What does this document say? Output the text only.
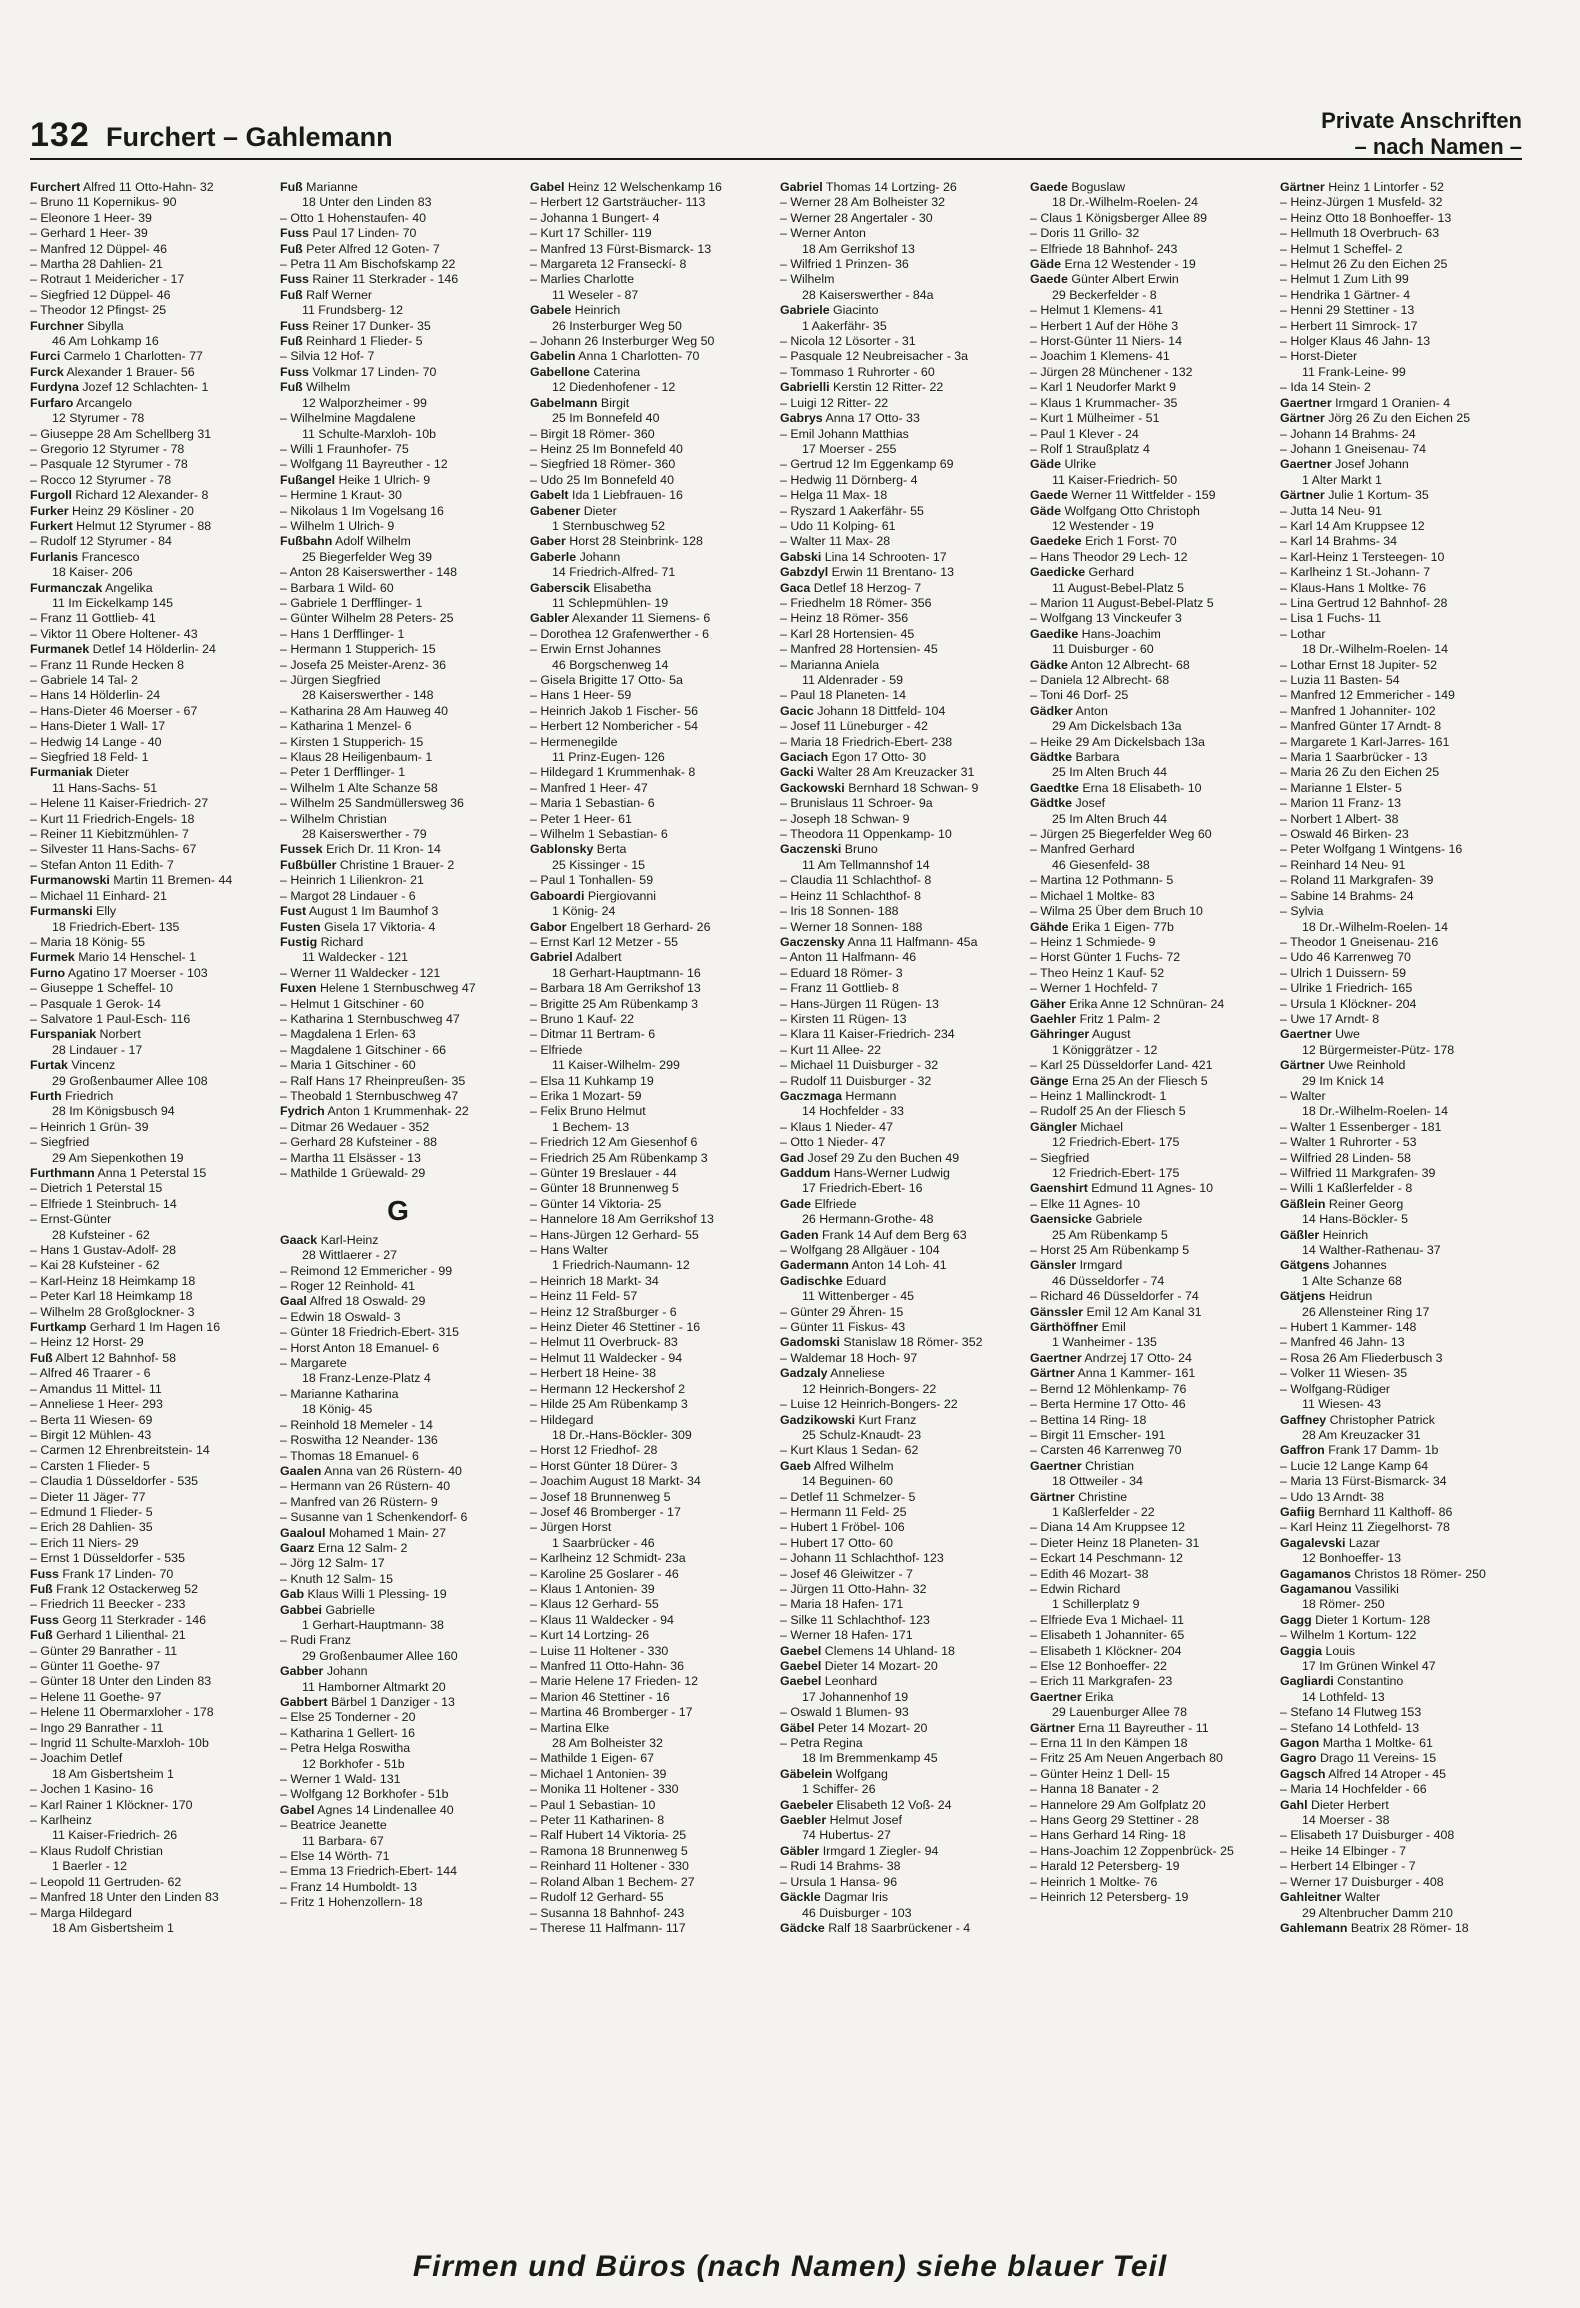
132 Furchert – Gahlemann
Private Anschriften
– nach Namen –
Furchert Alfred 11 Otto-Hahn- 32
– Bruno 11 Kopernikus- 90
– Eleonore 1 Heer- 39
– Gerhard 1 Heer- 39
– Manfred 12 Düppel- 46
– Martha 28 Dahlien- 21
– Rotraut 1 Meidericher - 17
– Siegfried 12 Düppel- 46
– Theodor 12 Pfingst- 25
Furchner Sibylla
46 Am Lohkamp 16
Furci Carmelo 1 Charlotten- 77
Furck Alexander 1 Brauer- 56
Furdyna Jozef 12 Schlachten- 1
Furfaro Arcangelo
12 Styrumer - 78
– Giuseppe 28 Am Schellberg 31
– Gregorio 12 Styrumer - 78
– Pasquale 12 Styrumer - 78
– Rocco 12 Styrumer - 78
Furgoll Richard 12 Alexander- 8
Furker Heinz 29 Kösliner - 20
Furkert Helmut 12 Styrumer - 88
– Rudolf 12 Styrumer - 84
Furlanis Francesco
18 Kaiser- 206
Furmanczak Angelika
11 Im Eickelkamp 145
– Franz 11 Gottlieb- 41
– Viktor 11 Obere Holtener- 43
Furmanek Detlef 14 Hölderlin- 24
– Franz 11 Runde Hecken 8
– Gabriele 14 Tal- 2
– Hans 14 Hölderlin- 24
– Hans-Dieter 46 Moerser - 67
– Hans-Dieter 1 Wall- 17
– Hedwig 14 Lange - 40
– Siegfried 18 Feld- 1
Furmaniak Dieter
11 Hans-Sachs- 51
– Helene 11 Kaiser-Friedrich- 27
– Kurt 11 Friedrich-Engels- 18
– Reiner 11 Kiebitzmühlen- 7
– Silvester 11 Hans-Sachs- 67
– Stefan Anton 11 Edith- 7
Furmanowski Martin 11 Bremen- 44
– Michael 11 Einhard- 21
Furmanski Elly
18 Friedrich-Ebert- 135
– Maria 18 König- 55
Furmek Mario 14 Henschel- 1
Furno Agatino 17 Moerser - 103
– Giuseppe 1 Scheffel- 10
– Pasquale 1 Gerok- 14
– Salvatore 1 Paul-Esch- 116
Furspaniak Norbert
28 Lindauer - 17
Furtak Vincenz
29 Großenbaumer Allee 108
Furth Friedrich
28 Im Königsbusch 94
– Heinrich 1 Grün- 39
– Siegfried
29 Am Siepenkothen 19
Furthmann Anna 1 Peterstal 15
– Dietrich 1 Peterstal 15
– Elfriede 1 Steinbruch- 14
– Ernst-Günter
28 Kufsteiner - 62
– Hans 1 Gustav-Adolf- 28
– Kai 28 Kufsteiner - 62
– Karl-Heinz 18 Heimkamp 18
– Peter Karl 18 Heimkamp 18
– Wilhelm 28 Großglockner- 3
Furtkamp Gerhard 1 Im Hagen 16
– Heinz 12 Horst- 29
Fuß Albert 12 Bahnhof- 58
– Alfred 46 Traarer - 6
– Amandus 11 Mittel- 11
– Anneliese 1 Heer- 293
– Berta 11 Wiesen- 69
– Birgit 12 Mühlen- 43
– Carmen 12 Ehrenbreitstein- 14
– Carsten 1 Flieder- 5
– Claudia 1 Düsseldorfer - 535
– Dieter 11 Jäger- 77
– Edmund 1 Flieder- 5
– Erich 28 Dahlien- 35
– Erich 11 Niers- 29
– Ernst 1 Düsseldorfer - 535
Fuss Frank 17 Linden- 70
Fuß Frank 12 Ostackerweg 52
– Friedrich 11 Beecker - 233
Fuss Georg 11 Sterkrader - 146
Fuß Gerhard 1 Lilienthal- 21
– Günter 29 Banrather - 11
– Günter 11 Goethe- 97
– Günter 18 Unter den Linden 83
– Helene 11 Goethe- 97
– Helene 11 Obermarxloher - 178
– Ingo 29 Banrather - 11
– Ingrid 11 Schulte-Marxloh- 10b
– Joachim Detlef
18 Am Gisbertsheim 1
– Jochen 1 Kasino- 16
– Karl Rainer 1 Klöckner- 170
– Karlheinz
11 Kaiser-Friedrich- 26
– Klaus Rudolf Christian
1 Baerler - 12
– Leopold 11 Gertruden- 62
– Manfred 18 Unter den Linden 83
– Marga Hildegard
18 Am Gisbertsheim 1
Fuß Marianne
18 Unter den Linden 83
– Otto 1 Hohenstaufen- 40
Fuss Paul 17 Linden- 70
Fuß Peter Alfred 12 Goten- 7
– Petra 11 Am Bischofskamp 22
Fuss Rainer 11 Sterkrader - 146
Fuß Ralf Werner
11 Frundsberg- 12
Fuss Reiner 17 Dunker- 35
Fuß Reinhard 1 Flieder- 5
– Silvia 12 Hof- 7
Fuss Volkmar 17 Linden- 70
Fuß Wilhelm
12 Walporzheimer - 99
– Wilhelmine Magdalene
11 Schulte-Marxloh- 10b
– Willi 1 Fraunhofer- 75
– Wolfgang 11 Bayreuther - 12
Fußangel Heike 1 Ulrich- 9
– Hermine 1 Kraut- 30
– Nikolaus 1 Im Vogelsang 16
– Wilhelm 1 Ulrich- 9
Fußbahn Adolf Wilhelm
25 Biegerfelder Weg 39
– Anton 28 Kaiserswerther - 148
– Barbara 1 Wild- 60
– Gabriele 1 Derfflinger- 1
– Günter Wilhelm 28 Peters- 25
– Hans 1 Derfflinger- 1
– Hermann 1 Stupperich- 15
– Josefa 25 Meister-Arenz- 36
– Jürgen Siegfried
28 Kaiserswerther - 148
– Katharina 28 Am Hauweg 40
– Katharina 1 Menzel- 6
– Kirsten 1 Stupperich- 15
– Klaus 28 Heiligenbaum- 1
– Peter 1 Derfflinger- 1
– Wilhelm 1 Alte Schanze 58
– Wilhelm 25 Sandmüllersweg 36
– Wilhelm Christian
28 Kaiserswerther - 79
Fussek Erich Dr. 11 Kron- 14
Fußbüller Christine 1 Brauer- 2
– Heinrich 1 Lilienkron- 21
– Margot 28 Lindauer - 6
Fust August 1 Im Baumhof 3
Fusten Gisela 17 Viktoria- 4
Fustig Richard
11 Waldecker - 121
– Werner 11 Waldecker - 121
Fuxen Helene 1 Sternbuschweg 47
– Helmut 1 Gitschiner - 60
– Katharina 1 Sternbuschweg 47
– Magdalena 1 Erlen- 63
– Magdalene 1 Gitschiner - 66
– Maria 1 Gitschiner - 60
– Ralf Hans 17 Rheinpreußen- 35
– Theobald 1 Sternbuschweg 47
Fydrich Anton 1 Krummenhak- 22
– Ditmar 26 Wedauer - 352
– Gerhard 28 Kufsteiner - 88
– Martha 11 Elsässer - 13
– Mathilde 1 Grüewald- 29
G
Gaack Karl-Heinz
28 Wittlaerer - 27
– Reimond 12 Emmericher - 99
– Roger 12 Reinhold- 41
Gaal Alfred 18 Oswald- 29
– Edwin 18 Oswald- 3
– Günter 18 Friedrich-Ebert- 315
– Horst Anton 18 Emanuel- 6
– Margarete
18 Franz-Lenze-Platz 4
– Marianne Katharina
18 König- 45
– Reinhold 18 Memeler - 14
– Roswitha 12 Neander- 136
– Thomas 18 Emanuel- 6
Gaalen Anna van 26 Rüstern- 40
– Hermann van 26 Rüstern- 40
– Manfred van 26 Rüstern- 9
– Susanne van 1 Schenkendorf- 6
Gaaloul Mohamed 1 Main- 27
Gaarz Erna 12 Salm- 2
– Jörg 12 Salm- 17
– Knuth 12 Salm- 15
Gab Klaus Willi 1 Plessing- 19
Gabbei Gabrielle
1 Gerhart-Hauptmann- 38
– Rudi Franz
29 Großenbaumer Allee 160
Gabber Johann
11 Hamborner Altmarkt 20
Gabbert Bärbel 1 Danziger - 13
– Else 25 Tonderner - 20
– Katharina 1 Gellert- 16
– Petra Helga Roswitha
12 Borkhofer - 51b
– Werner 1 Wald- 131
– Wolfgang 12 Borkhofer - 51b
Gabel Agnes 14 Lindenallee 40
– Beatrice Jeanette
11 Barbara- 67
– Else 14 Wörth- 71
– Emma 13 Friedrich-Ebert- 144
– Franz 14 Humboldt- 13
– Fritz 1 Hohenzollern- 18
Gabel Heinz 12 Welschenkamp 16
– Herbert 12 Gartsträucher- 113
– Johanna 1 Bungert- 4
– Kurt 17 Schiller- 119
– Manfred 13 Fürst-Bismarck- 13
– Margareta 12 Franseckí- 8
– Marlies Charlotte
11 Weseler - 87
Gabele Heinrich
26 Insterburger Weg 50
– Johann 26 Insterburger Weg 50
Gabelin Anna 1 Charlotten- 70
Gabellone Caterina
12 Diedenhofener - 12
Gabelmann Birgit
25 Im Bonnefeld 40
– Birgit 18 Römer- 360
– Heinz 25 Im Bonnefeld 40
– Siegfried 18 Römer- 360
– Udo 25 Im Bonnefeld 40
Gabelt Ida 1 Liebfrauen- 16
Gabener Dieter
1 Sternbuschweg 52
Gaber Horst 28 Steinbrink- 128
Gaberle Johann
14 Friedrich-Alfred- 71
Gaberscik Elisabetha
11 Schlepmühlen- 19
Gabler Alexander 11 Siemens- 6
– Dorothea 12 Grafenwerther - 6
– Erwin Ernst Johannes
46 Borgschenweg 14
– Gisela Brigitte 17 Otto- 5a
– Hans 1 Heer- 59
– Heinrich Jakob 1 Fischer- 56
– Herbert 12 Nombericher - 54
– Hermenegilde
11 Prinz-Eugen- 126
– Hildegard 1 Krummenhak- 8
– Manfred 1 Heer- 47
– Maria 1 Sebastian- 6
– Peter 1 Heer- 61
– Wilhelm 1 Sebastian- 6
Gablonsky Berta
25 Kissinger - 15
– Paul 1 Tonhallen- 59
Gaboardi Piergiovanni
1 König- 24
Gabor Engelbert 18 Gerhard- 26
– Ernst Karl 12 Metzer - 55
Gabriel Adalbert
18 Gerhart-Hauptmann- 16
– Barbara 18 Am Gerrikshof 13
– Brigitte 25 Am Rübenkamp 3
– Bruno 1 Kauf- 22
– Ditmar 11 Bertram- 6
– Elfriede
11 Kaiser-Wilhelm- 299
– Elsa 11 Kuhkamp 19
– Erika 1 Mozart- 59
– Felix Bruno Helmut
1 Bechem- 13
– Friedrich 12 Am Giesenhof 6
– Friedrich 25 Am Rübenkamp 3
– Günter 19 Breslauer - 44
– Günter 18 Brunnenweg 5
– Günter 14 Viktoria- 25
– Hannelore 18 Am Gerrikshof 13
– Hans-Jürgen 12 Gerhard- 55
– Hans Walter
1 Friedrich-Naumann- 12
– Heinrich 18 Markt- 34
– Heinz 11 Feld- 57
– Heinz 12 Straßburger - 6
– Heinz Dieter 46 Stettiner - 16
– Helmut 11 Overbruck- 83
– Helmut 11 Waldecker - 94
– Herbert 18 Heine- 38
– Hermann 12 Heckershof 2
– Hilde 25 Am Rübenkamp 3
– Hildegard
18 Dr.-Hans-Böckler- 309
– Horst 12 Friedhof- 28
– Horst Günter 18 Dürer- 3
– Joachim August 18 Markt- 34
– Josef 18 Brunnenweg 5
– Josef 46 Bromberger - 17
– Jürgen Horst
1 Saarbrücker - 46
– Karlheinz 12 Schmidt- 23a
– Karoline 25 Goslarer - 46
– Klaus 1 Antonien- 39
– Klaus 12 Gerhard- 55
– Klaus 11 Waldecker - 94
– Kurt 14 Lortzing- 26
– Luise 11 Holtener - 330
– Manfred 11 Otto-Hahn- 36
– Marie Helene 17 Frieden- 12
– Marion 46 Stettiner - 16
– Martina 46 Bromberger - 17
– Martina Elke
28 Am Bolheister 32
– Mathilde 1 Eigen- 67
– Michael 1 Antonien- 39
– Monika 11 Holtener - 330
– Paul 1 Sebastian- 10
– Peter 11 Katharinen- 8
– Ralf Hubert 14 Viktoria- 25
– Ramona 18 Brunnenweg 5
– Reinhard 11 Holtener - 330
– Roland Alban 1 Bechem- 27
– Rudolf 12 Gerhard- 55
– Susanna 18 Bahnhof- 243
– Therese 11 Halfmann- 117
Gabriel Thomas 14 Lortzing- 26
– Werner 28 Am Bolheister 32
– Werner 28 Angertaler - 30
– Werner Anton
18 Am Gerrikshof 13
– Wilfried 1 Prinzen- 36
– Wilhelm
28 Kaiserswerther - 84a
Gabriele Giacinto
1 Aakerfähr- 35
– Nicola 12 Lösorter - 31
– Pasquale 12 Neubreisacher - 3a
– Tommaso 1 Ruhrorter - 60
Gabrielli Kerstin 12 Ritter- 22
– Luigi 12 Ritter- 22
Gabrys Anna 17 Otto- 33
– Emil Johann Matthias
17 Moerser - 255
– Gertrud 12 Im Eggenkamp 69
– Hedwig 11 Dörnberg- 4
– Helga 11 Max- 18
– Ryszard 1 Aakerfähr- 55
– Udo 11 Kolping- 61
– Walter 11 Max- 28
Gabski Lina 14 Schrooten- 17
Gabzdyl Erwin 11 Brentano- 13
Gaca Detlef 18 Herzog- 7
– Friedhelm 18 Römer- 356
– Heinz 18 Römer- 356
– Karl 28 Hortensien- 45
– Manfred 28 Hortensien- 45
– Marianna Aniela
11 Aldenrader - 59
– Paul 18 Planeten- 14
Gacic Johann 18 Dittfeld- 104
– Josef 11 Lüneburger - 42
– Maria 18 Friedrich-Ebert- 238
Gaciach Egon 17 Otto- 30
Gacki Walter 28 Am Kreuzacker 31
Gackowski Bernhard 18 Schwan- 9
– Brunislaus 11 Schroer- 9a
– Joseph 18 Schwan- 9
– Theodora 11 Oppenkamp- 10
Gaczenski Bruno
11 Am Tellmannshof 14
– Claudia 11 Schlachthof- 8
– Heinz 11 Schlachthof- 8
– Iris 18 Sonnen- 188
– Werner 18 Sonnen- 188
Gaczensky Anna 11 Halfmann- 45a
– Anton 11 Halfmann- 46
– Eduard 18 Römer- 3
– Franz 11 Gottlieb- 8
– Hans-Jürgen 11 Rügen- 13
– Kirsten 11 Rügen- 13
– Klara 11 Kaiser-Friedrich- 234
– Kurt 11 Allee- 22
– Michael 11 Duisburger - 32
– Rudolf 11 Duisburger - 32
Gaczmaga Hermann
14 Hochfelder - 33
– Klaus 1 Nieder- 47
– Otto 1 Nieder- 47
Gad Josef 29 Zu den Buchen 49
Gaddum Hans-Werner Ludwig
17 Friedrich-Ebert- 16
Gade Elfriede
26 Hermann-Grothe- 48
Gaden Frank 14 Auf dem Berg 63
– Wolfgang 28 Allgäuer - 104
Gadermann Anton 14 Loh- 41
Gadischke Eduard
11 Wittenberger - 45
– Günter 29 Ähren- 15
– Günter 11 Fiskus- 43
Gadomski Stanislaw 18 Römer- 352
– Waldemar 18 Hoch- 97
Gadzaly Anneliese
12 Heinrich-Bongers- 22
– Luise 12 Heinrich-Bongers- 22
Gadzikowski Kurt Franz
25 Schulz-Knaudt- 23
– Kurt Klaus 1 Sedan- 62
Gaeb Alfred Wilhelm
14 Beguinen- 60
– Detlef 11 Schmelzer- 5
– Hermann 11 Feld- 25
– Hubert 1 Fröbel- 106
– Hubert 17 Otto- 60
– Johann 11 Schlachthof- 123
– Josef 46 Gleiwitzer - 7
– Jürgen 11 Otto-Hahn- 32
– Maria 18 Hafen- 171
– Silke 11 Schlachthof- 123
– Werner 18 Hafen- 171
Gaebel Clemens 14 Uhland- 18
Gaebel Dieter 14 Mozart- 20
Gaebel Leonhard
17 Johannenhof 19
– Oswald 1 Blumen- 93
Gäbel Peter 14 Mozart- 20
– Petra Regina
18 Im Bremmenkamp 45
Gäbelein Wolfgang
1 Schiffer- 26
Gaebeler Elisabeth 12 Voß- 24
Gaebler Helmut Josef
74 Hubertus- 27
Gäbler Irmgard 1 Ziegler- 94
– Rudi 14 Brahms- 38
– Ursula 1 Hansa- 96
Gäckle Dagmar Iris
46 Duisburger - 103
Gädcke Ralf 18 Saarbrückener - 4
Gaede Boguslaw
18 Dr.-Wilhelm-Roelen- 24
– Claus 1 Königsberger Allee 89
– Doris 11 Grillo- 32
– Elfriede 18 Bahnhof- 243
Gäde Erna 12 Westender - 19
Gaede Günter Albert Erwin
29 Beckerfelder - 8
– Helmut 1 Klemens- 41
– Herbert 1 Auf der Höhe 3
– Horst-Günter 11 Niers- 14
– Joachim 1 Klemens- 41
– Jürgen 28 Münchener - 132
– Karl 1 Neudorfer Markt 9
– Klaus 1 Krummacher- 35
– Kurt 1 Mülheimer - 51
– Paul 1 Klever - 24
– Rolf 1 Straußplatz 4
Gäde Ulrike
11 Kaiser-Friedrich- 50
Gaede Werner 11 Wittfelder - 159
Gäde Wolfgang Otto Christoph
12 Westender - 19
Gaedeke Erich 1 Forst- 70
– Hans Theodor 29 Lech- 12
Gaedicke Gerhard
11 August-Bebel-Platz 5
– Marion 11 August-Bebel-Platz 5
– Wolfgang 13 Vinckeufer 3
Gaedike Hans-Joachim
11 Duisburger - 60
Gädke Anton 12 Albrecht- 68
– Daniela 12 Albrecht- 68
– Toni 46 Dorf- 25
Gädker Anton
29 Am Dickelsbach 13a
– Heike 29 Am Dickelsbach 13a
Gädtke Barbara
25 Im Alten Bruch 44
Gaedtke Erna 18 Elisabeth- 10
Gädtke Josef
25 Im Alten Bruch 44
– Jürgen 25 Biegerfelder Weg 60
– Manfred Gerhard
46 Giesenfeld- 38
– Martina 12 Pothmann- 5
– Michael 1 Moltke- 83
– Wilma 25 Über dem Bruch 10
Gähde Erika 1 Eigen- 77b
– Heinz 1 Schmiede- 9
– Horst Günter 1 Fuchs- 72
– Theo Heinz 1 Kauf- 52
– Werner 1 Hochfeld- 7
Gäher Erika Anne 12 Schnüran- 24
Gaehler Fritz 1 Palm- 2
Gähringer August
1 Königgrätzer - 12
– Karl 25 Düsseldorfer Land- 421
Gänge Erna 25 An der Fliesch 5
– Heinz 1 Mallinckrodt- 1
– Rudolf 25 An der Fliesch 5
Gängler Michael
12 Friedrich-Ebert- 175
– Siegfried
12 Friedrich-Ebert- 175
Gaenshirt Edmund 11 Agnes- 10
– Elke 11 Agnes- 10
Gaensicke Gabriele
25 Am Rübenkamp 5
– Horst 25 Am Rübenkamp 5
Gänsler Irmgard
46 Düsseldorfer - 74
– Richard 46 Düsseldorfer - 74
Gänssler Emil 12 Am Kanal 31
Gärthöffner Emil
1 Wanheimer - 135
Gaertner Andrzej 17 Otto- 24
Gärtner Anna 1 Kammer- 161
– Bernd 12 Möhlenkamp- 76
– Berta Hermine 17 Otto- 46
– Bettina 14 Ring- 18
– Birgit 11 Emscher- 191
– Carsten 46 Karrenweg 70
Gaertner Christian
18 Ottweiler - 34
Gärtner Christine
1 Kaßlerfelder - 22
– Diana 14 Am Kruppsee 12
– Dieter Heinz 18 Planeten- 31
– Eckart 14 Peschmann- 12
– Edith 46 Mozart- 38
– Edwin Richard
1 Schillerplatz 9
– Elfriede Eva 1 Michael- 11
– Elisabeth 1 Johanniter- 65
– Elisabeth 1 Klöckner- 204
– Else 12 Bonhoeffer- 22
– Erich 11 Markgrafen- 23
Gaertner Erika
29 Lauenburger Allee 78
Gärtner Erna 11 Bayreuther - 11
– Erna 11 In den Kämpen 18
– Fritz 25 Am Neuen Angerbach 80
– Günter Heinz 1 Dell- 15
– Hanna 18 Banater - 2
– Hannelore 29 Am Golfplatz 20
– Hans Georg 29 Stettiner - 28
– Hans Gerhard 14 Ring- 18
– Hans-Joachim 12 Zoppenbrück- 25
– Harald 12 Petersberg- 19
– Heinrich 1 Moltke- 76
– Heinrich 12 Petersberg- 19
Gärtner Heinz 1 Lintorfer - 52
– Heinz-Jürgen 1 Musfeld- 32
– Heinz Otto 18 Bonhoeffer- 13
– Hellmuth 18 Overbruch- 63
– Helmut 1 Scheffel- 2
– Helmut 26 Zu den Eichen 25
– Helmut 1 Zum Lith 99
– Hendrika 1 Gärtner- 4
– Henni 29 Stettiner - 13
– Herbert 11 Simrock- 17
– Holger Klaus 46 Jahn- 13
– Horst-Dieter
11 Frank-Leine- 99
– Ida 14 Stein- 2
Gaertner Irmgard 1 Oranien- 4
Gärtner Jörg 26 Zu den Eichen 25
– Johann 14 Brahms- 24
– Johann 1 Gneisenau- 74
Gaertner Josef Johann
1 Alter Markt 1
Gärtner Julie 1 Kortum- 35
– Jutta 14 Neu- 91
– Karl 14 Am Kruppsee 12
– Karl 14 Brahms- 34
– Karl-Heinz 1 Tersteegen- 10
– Karlheinz 1 St.-Johann- 7
– Klaus-Hans 1 Moltke- 76
– Lina Gertrud 12 Bahnhof- 28
– Lisa 1 Fuchs- 11
– Lothar
18 Dr.-Wilhelm-Roelen- 14
– Lothar Ernst 18 Jupiter- 52
– Luzia 11 Basten- 54
– Manfred 12 Emmericher - 149
– Manfred 1 Johanniter- 102
– Manfred Günter 17 Arndt- 8
– Margarete 1 Karl-Jarres- 161
– Maria 1 Saarbrücker - 13
– Maria 26 Zu den Eichen 25
– Marianne 1 Elster- 5
– Marion 11 Franz- 13
– Norbert 1 Albert- 38
– Oswald 46 Birken- 23
– Peter Wolfgang 1 Wintgens- 16
– Reinhard 14 Neu- 91
– Roland 11 Markgrafen- 39
– Sabine 14 Brahms- 24
– Sylvia
18 Dr.-Wilhelm-Roelen- 14
– Theodor 1 Gneisenau- 216
– Udo 46 Karrenweg 70
– Ulrich 1 Duissern- 59
– Ulrike 1 Friedrich- 165
– Ursula 1 Klöckner- 204
– Uwe 17 Arndt- 8
Gaertner Uwe
12 Bürgermeister-Pütz- 178
Gärtner Uwe Reinhold
29 Im Knick 14
– Walter
18 Dr.-Wilhelm-Roelen- 14
– Walter 1 Essenberger - 181
– Walter 1 Ruhrorter - 53
– Wilfried 28 Linden- 58
– Wilfried 11 Markgrafen- 39
– Willi 1 Kaßlerfelder - 8
Gäßlein Reiner Georg
14 Hans-Böckler- 5
Gäßler Heinrich
14 Walther-Rathenau- 37
Gätgens Johannes
1 Alte Schanze 68
Gätjens Heidrun
26 Allensteiner Ring 17
– Hubert 1 Kammer- 148
– Manfred 46 Jahn- 13
– Rosa 26 Am Fliederbusch 3
– Volker 11 Wiesen- 35
– Wolfgang-Rüdiger
11 Wiesen- 43
Gaffney Christopher Patrick
28 Am Kreuzacker 31
Gaffron Frank 17 Damm- 1b
– Lucie 12 Lange Kamp 64
– Maria 13 Fürst-Bismarck- 34
– Udo 13 Arndt- 38
Gafiig Bernhard 11 Kalthoff- 86
– Karl Heinz 11 Ziegelhorst- 78
Gagalevski Lazar
12 Bonhoeffer- 13
Gagamanos Christos 18 Römer- 250
Gagamanou Vassiliki
18 Römer- 250
Gagg Dieter 1 Kortum- 128
– Wilhelm 1 Kortum- 122
Gaggia Louis
17 Im Grünen Winkel 47
Gagliardi Constantino
14 Lothfeld- 13
– Stefano 14 Flutweg 153
– Stefano 14 Lothfeld- 13
Gagon Martha 1 Moltke- 61
Gagro Drago 11 Vereins- 15
Gagsch Alfred 14 Atroper - 45
– Maria 14 Hochfelder - 66
Gahl Dieter Herbert
14 Moerser - 38
– Elisabeth 17 Duisburger - 408
– Heike 14 Elbinger - 7
– Herbert 14 Elbinger - 7
– Werner 17 Duisburger - 408
Gahleitner Walter
29 Altenbrucher Damm 210
Gahlemann Beatrix 28 Römer- 18
Firmen und Büros (nach Namen) siehe blauer Teil
